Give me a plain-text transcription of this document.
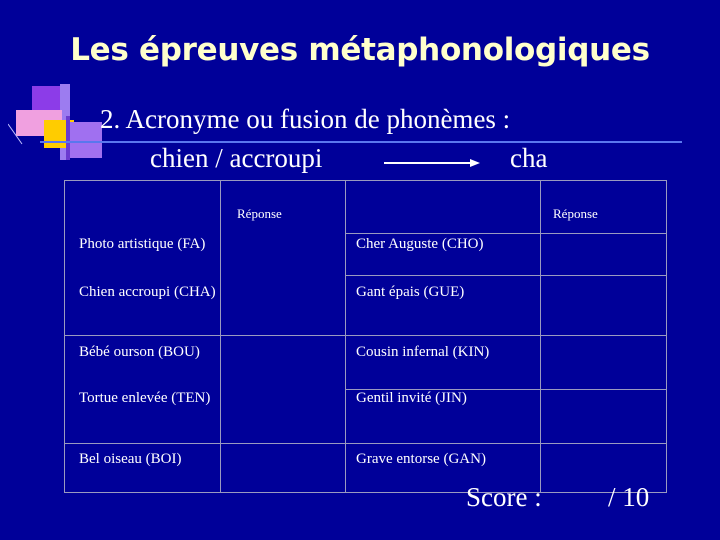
Les épreuves métaphonologiques
2. Acronyme ou fusion de phonèmes :
chien / accroupi	cha
Réponse	Réponse
Photo artistique (FA)
Chien accroupi (CHA)
Bébé ourson (BOU)
Tortue enlevée (TEN)
Bel oiseau (BOI)
Cher Auguste (CHO)
Gant épais (GUE)
Cousin infernal (KIN)
Gentil invité (JIN)
Grave entorse (GAN)
Score : / 10
